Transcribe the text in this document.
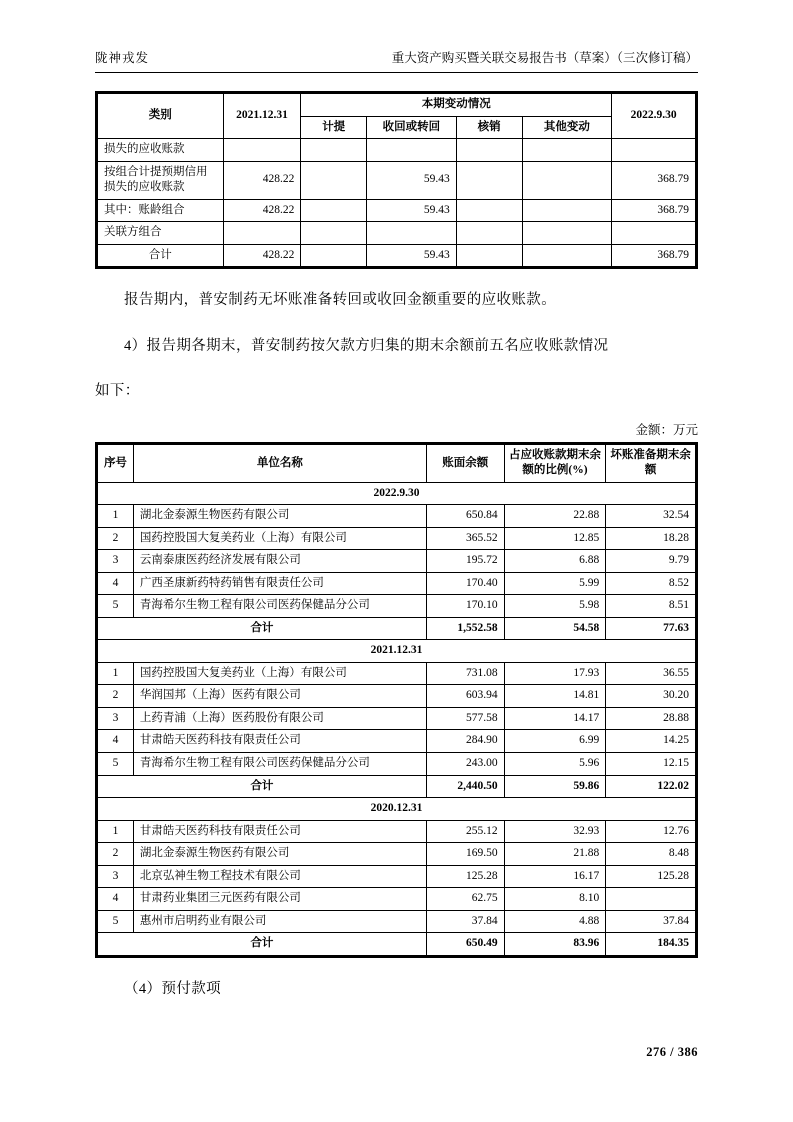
陇神戎发	重大资产购买暨关联交易报告书（草案）（三次修订稿）
类别	2021.12.31	本期变动情况				2022.9.30
		计提	收回或转回	核销	其他变动	
损失的应收账款						
按组合计提预期信用损失的应收账款	428.22		59.43			368.79
其中：账龄组合	428.22		59.43			368.79
关联方组合						
合计	428.22		59.43			368.79

报告期内，普安制药无坏账准备转回或收回金额重要的应收账款。

4）报告期各期末，普安制药按欠款方归集的期末余额前五名应收账款情况

如下：

金额：万元
序号	单位名称	账面余额	占应收账款期末余额的比例(%)	坏账准备期末余额
2022.9.30				
1	湖北金泰源生物医药有限公司	650.84	22.88	32.54
2	国药控股国大复美药业（上海）有限公司	365.52	12.85	18.28
3	云南泰康医药经济发展有限公司	195.72	6.88	9.79
4	广西圣康新药特药销售有限责任公司	170.40	5.99	8.52
5	青海希尔生物工程有限公司医药保健品分公司	170.10	5.98	8.51
合计		1,552.58	54.58	77.63
2021.12.31				
1	国药控股国大复美药业（上海）有限公司	731.08	17.93	36.55
2	华润国邦（上海）医药有限公司	603.94	14.81	30.20
3	上药青浦（上海）医药股份有限公司	577.58	14.17	28.88
4	甘肃皓天医药科技有限责任公司	284.90	6.99	14.25
5	青海希尔生物工程有限公司医药保健品分公司	243.00	5.96	12.15
合计		2,440.50	59.86	122.02
2020.12.31				
1	甘肃皓天医药科技有限责任公司	255.12	32.93	12.76
2	湖北金泰源生物医药有限公司	169.50	21.88	8.48
3	北京弘神生物工程技术有限公司	125.28	16.17	125.28
4	甘肃药业集团三元医药有限公司	62.75	8.10	
5	惠州市启明药业有限公司	37.84	4.88	37.84
合计		650.49	83.96	184.35

（4）预付款项

276 / 386
